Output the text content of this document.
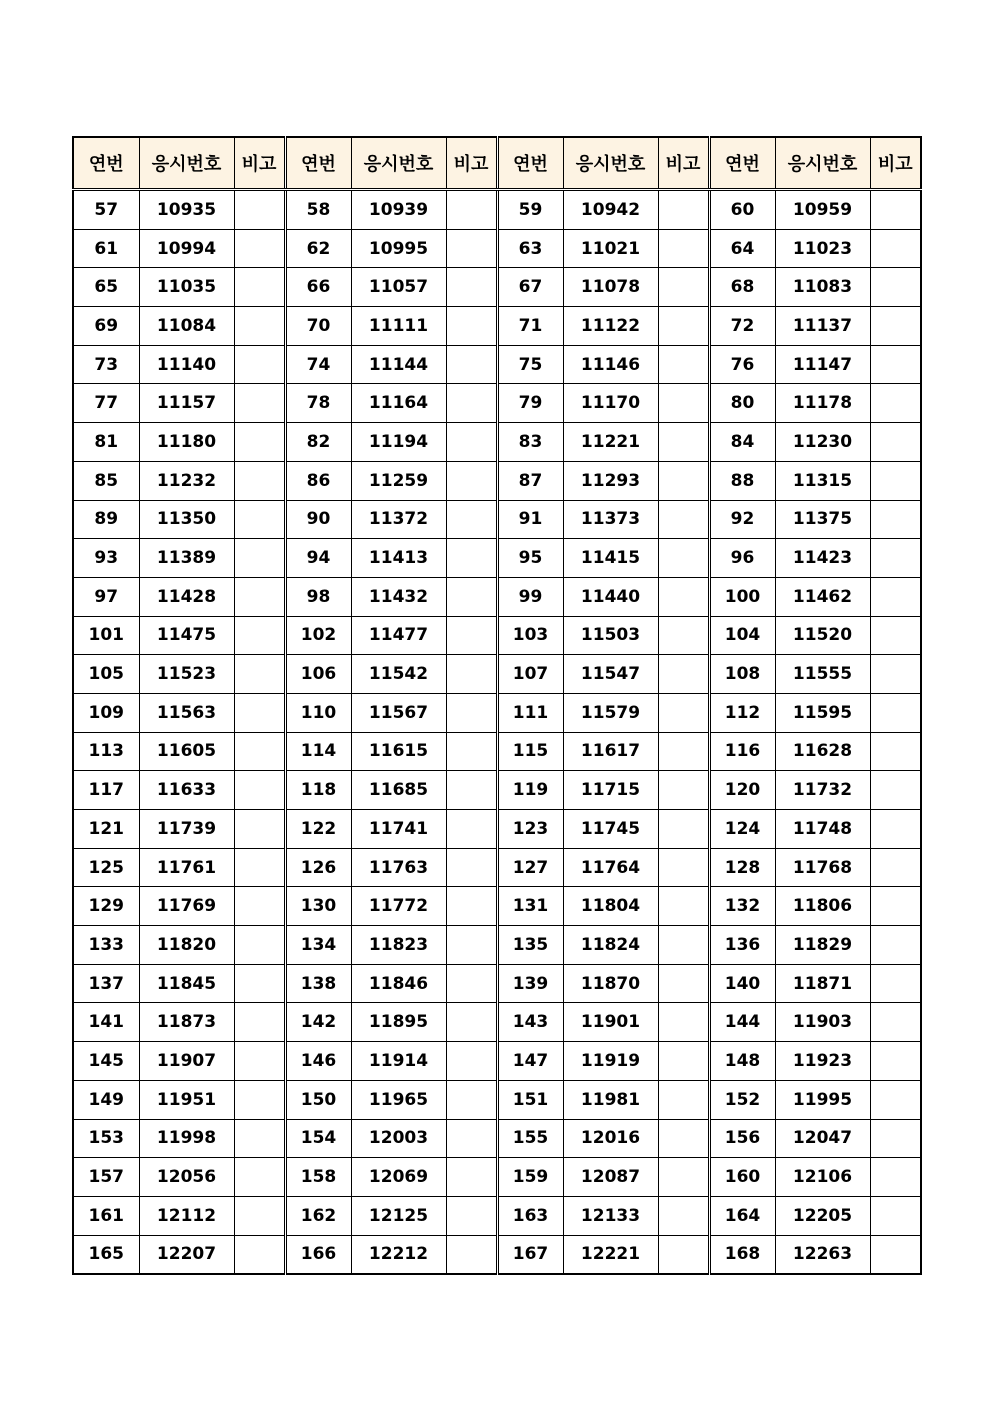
연번	응시번호	비고	연번	응시번호	비고	연번	응시번호	비고	연번	응시번호	비고
57	10935		58	10939		59	10942		60	10959	
61	10994		62	10995		63	11021		64	11023	
65	11035		66	11057		67	11078		68	11083	
69	11084		70	11111		71	11122		72	11137	
73	11140		74	11144		75	11146		76	11147	
77	11157		78	11164		79	11170		80	11178	
81	11180		82	11194		83	11221		84	11230	
85	11232		86	11259		87	11293		88	11315	
89	11350		90	11372		91	11373		92	11375	
93	11389		94	11413		95	11415		96	11423	
97	11428		98	11432		99	11440		100	11462	
101	11475		102	11477		103	11503		104	11520	
105	11523		106	11542		107	11547		108	11555	
109	11563		110	11567		111	11579		112	11595	
113	11605		114	11615		115	11617		116	11628	
117	11633		118	11685		119	11715		120	11732	
121	11739		122	11741		123	11745		124	11748	
125	11761		126	11763		127	11764		128	11768	
129	11769		130	11772		131	11804		132	11806	
133	11820		134	11823		135	11824		136	11829	
137	11845		138	11846		139	11870		140	11871	
141	11873		142	11895		143	11901		144	11903	
145	11907		146	11914		147	11919		148	11923	
149	11951		150	11965		151	11981		152	11995	
153	11998		154	12003		155	12016		156	12047	
157	12056		158	12069		159	12087		160	12106	
161	12112		162	12125		163	12133		164	12205	
165	12207		166	12212		167	12221		168	12263	
